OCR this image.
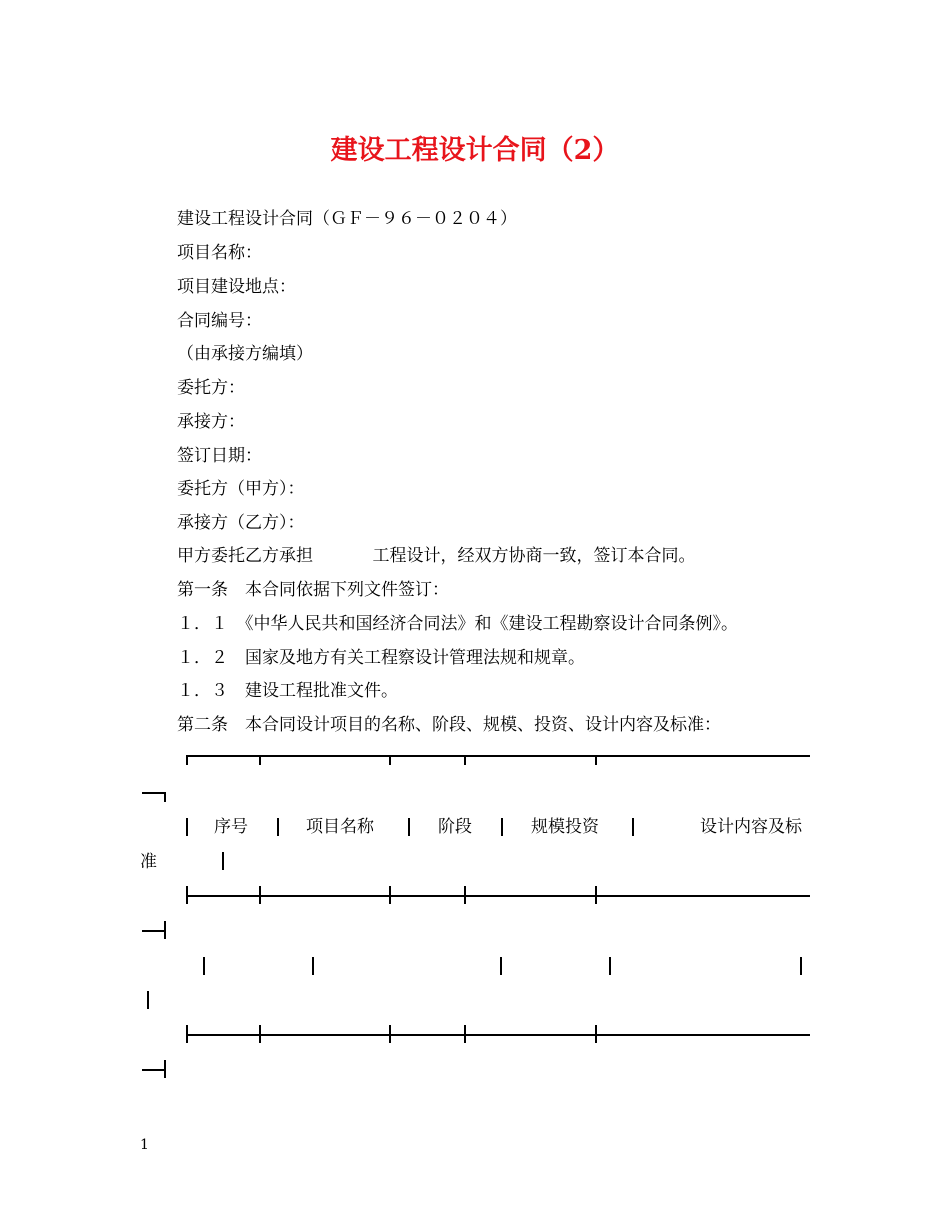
建设工程设计合同（2）
建设工程设计合同（ＧＦ－９６－０２０４）
项目名称：
项目建设地点：
合同编号：
（由承接方编填）
委托方：
承接方：
签订日期：
委托方（甲方）：
承接方（乙方）：
甲方委托乙方承担           工程设计，经双方协商一致，签订本合同。
第一条　本合同依据下列文件签订：
１．１　《中华人民共和国经济合同法》和《建设工程勘察设计合同条例》。
１．２　国家及地方有关工程察设计管理法规和规章。
１．３　建设工程批准文件。
第二条　本合同设计项目的名称、阶段、规模、投资、设计内容及标准：
序号	项目名称	阶段	规模投资	设计内容及标
准
1
